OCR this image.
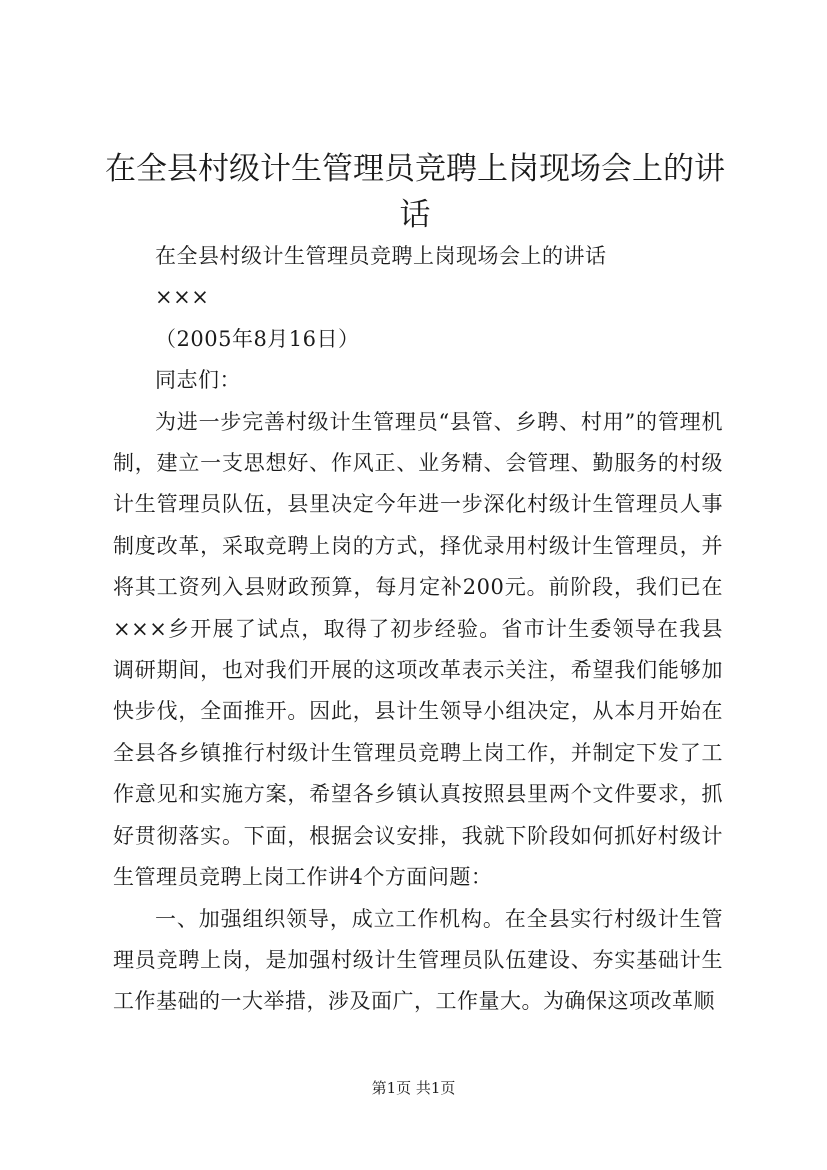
在全县村级计生管理员竞聘上岗现场会上的讲话

在全县村级计生管理员竞聘上岗现场会上的讲话

×××

（2005年8月16日）

同志们：

为进一步完善村级计生管理员“县管、乡聘、村用”的管理机制，建立一支思想好、作风正、业务精、会管理、勤服务的村级计生管理员队伍，县里决定今年进一步深化村级计生管理员人事制度改革，采取竞聘上岗的方式，择优录用村级计生管理员，并将其工资列入县财政预算，每月定补200元。前阶段，我们已在×××乡开展了试点，取得了初步经验。省市计生委领导在我县调研期间，也对我们开展的这项改革表示关注，希望我们能够加快步伐，全面推开。因此，县计生领导小组决定，从本月开始在全县各乡镇推行村级计生管理员竞聘上岗工作，并制定下发了工作意见和实施方案，希望各乡镇认真按照县里两个文件要求，抓好贯彻落实。下面，根据会议安排，我就下阶段如何抓好村级计生管理员竞聘上岗工作讲4个方面问题：

一、加强组织领导，成立工作机构。在全县实行村级计生管理员竞聘上岗，是加强村级计生管理员队伍建设、夯实基础计生工作基础的一大举措，涉及面广，工作量大。为确保这项改革顺

第1页 共1页
